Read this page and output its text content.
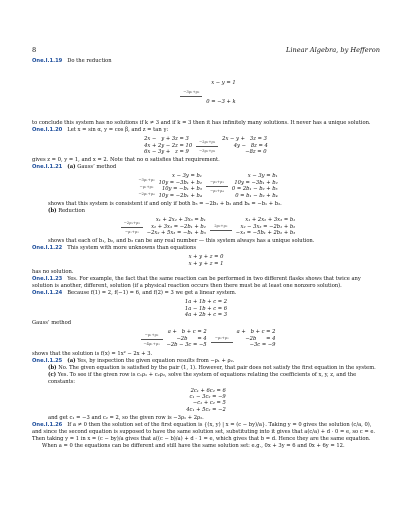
8	Linear Algebra, by Hefferon

One.I.1.19 Do the reduction

−3ρ₁+ρ₂

x − y = 1

0 = −3 + k

to conclude this system has no solutions if k ≠ 3 and if k = 3 then it has infinitely many solutions. It never has a unique solution.

One.I.1.20 Let x = sin α, y = cos β, and z = tan γ:

2x −   y + 3z = 3
4x + 2y − 2z = 10
6x − 3y +   z = 9
−2ρ₁+ρ₂
−3ρ₁+ρ₃
2x − y +   3z = 3
4y −   8z = 4
−8z = 0

gives z = 0, y = 1, and x = 2. Note that no α satisfies that requirement.

One.I.1.21 (a) Gauss’ method

−3ρ₁+ρ₂
−ρ₁+ρ₃
−2ρ₁+ρ₄
x − 3y = b₁
10y = −3b₁ + b₂
10y = −b₁ + b₃
10y = −2b₁ + b₄
−ρ₂+ρ₃
−ρ₂+ρ₄
x − 3y = b₁
10y = −3b₁ + b₂
0 = 2b₁ − b₂ + b₃
0 = b₁ − b₂ + b₄

shows that this system is consistent if and only if both b₃ = −2b₁ + b₂ and b₄ = −b₁ + b₂.

(b) Reduction

−2ρ₁+ρ₂
−ρ₁+ρ₃
x₁ + 2x₂ + 3x₃ = b₁
x₂ + 3x₃ = −2b₁ + b₂
−2x₂ + 5x₃ = −b₁ + b₃
2ρ₂+ρ₃
x₁ + 2x₂ + 3x₃ = b₁
x₂ − 3x₃ = −2b₁ + b₂
−x₃ = −5b₁ + 2b₂ + b₃

shows that each of b₁, b₂, and b₃ can be any real number — this system always has a unique solution.

One.I.1.22 This system with more unknowns than equations

x + y + z = 0
x + y + z = 1

has no solution.

One.I.1.23 Yes. For example, the fact that the same reaction can be performed in two different flasks shows that twice any solution is another, different, solution (if a physical reaction occurs then there must be at least one nonzero solution).

One.I.1.24 Because f(1) = 2, f(−1) = 6, and f(2) = 3 we get a linear system.

1a + 1b + c = 2
1a − 1b + c = 6
4a + 2b + c = 3

Gauss’ method

−ρ₁+ρ₂
−4ρ₁+ρ₃
a +   b + c = 2
−2b      = 4
−2b − 3c = −5
−ρ₂+ρ₃
a +   b + c = 2
−2b      = 4
−3c = −9

shows that the solution is f(x) = 1x² − 2x + 3.

One.I.1.25 (a) Yes, by inspection the given equation results from −ρ₁ + ρ₂.

(b) No. The given equation is satisfied by the pair (1, 1). However, that pair does not satisfy the first equation in the system.

(c) Yes. To see if the given row is c₁ρ₁ + c₂ρ₂, solve the system of equations relating the coefficients of x, y, z, and the constants:

2c₁ + 6c₂ = 6
c₁ − 3c₂ = −9
−c₁ + c₂ = 5
4c₁ + 5c₂ = −2

and get c₁ = −3 and c₂ = 2, so the given row is −3ρ₁ + 2ρ₂.

One.I.1.26 If a ≠ 0 then the solution set of the first equation is {(x, y) | x = (c − by)/a}. Taking y = 0 gives the solution (c/a, 0), and since the second equation is supposed to have the same solution set, substituting into it gives that a(c/a) + d · 0 = e, so c = e. Then taking y = 1 in x = (c − by)/a gives that a((c − b)/a) + d · 1 = e, which gives that b = d. Hence they are the same equation.

When a = 0 the equations can be different and still have the same solution set: e.g., 0x + 3y = 6 and 0x + 6y = 12.
